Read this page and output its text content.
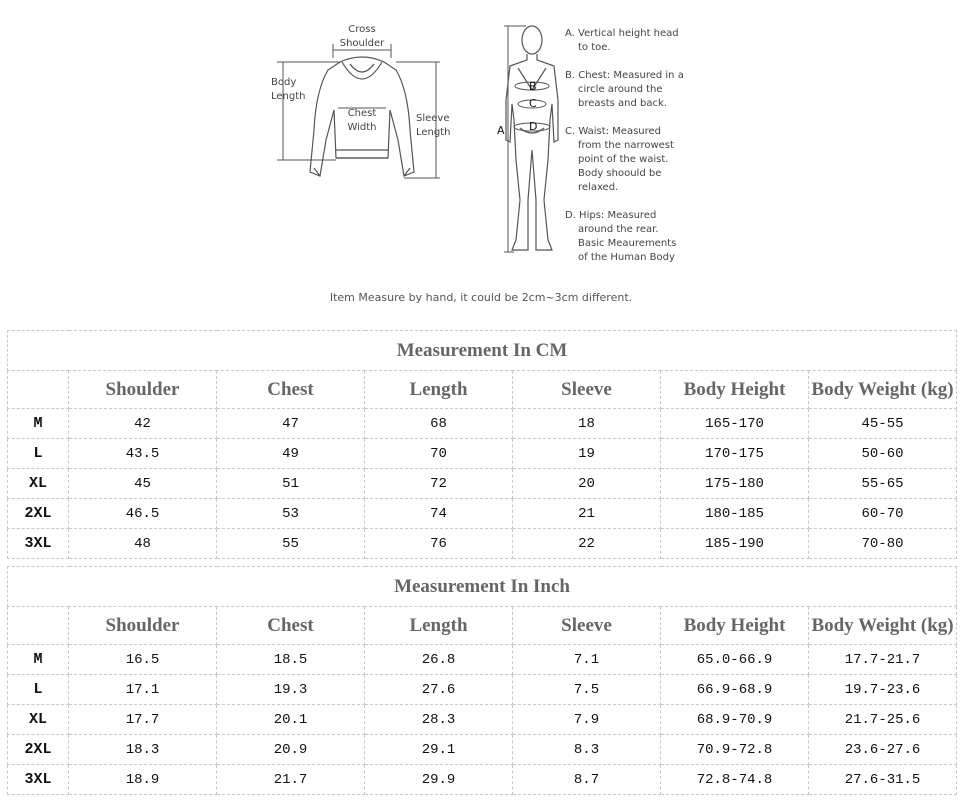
Cross Shoulder
Body Length
Chest Width
Sleeve Length	A
B
C
D
A. Vertical height head
to toe.
B. Chest: Measured in a
circle around the
breasts and back.
C. Waist: Measured
from the narrowest
point of the waist.
Body shoould be
relaxed.
D. Hips: Measured
around the rear.
Basic Meaurements
of the Human Body
Item Measure by hand, it could be 2cm~3cm different.
Measurement In CM						
	Shoulder	Chest	Length	Sleeve	Body Height	Body Weight (kg)
M	42	47	68	18	165-170	45-55
L	43.5	49	70	19	170-175	50-60
XL	45	51	72	20	175-180	55-65
2XL	46.5	53	74	21	180-185	60-70
3XL	48	55	76	22	185-190	70-80
Measurement In Inch						
	Shoulder	Chest	Length	Sleeve	Body Height	Body Weight (kg)
M	16.5	18.5	26.8	7.1	65.0-66.9	17.7-21.7
L	17.1	19.3	27.6	7.5	66.9-68.9	19.7-23.6
XL	17.7	20.1	28.3	7.9	68.9-70.9	21.7-25.6
2XL	18.3	20.9	29.1	8.3	70.9-72.8	23.6-27.6
3XL	18.9	21.7	29.9	8.7	72.8-74.8	27.6-31.5
